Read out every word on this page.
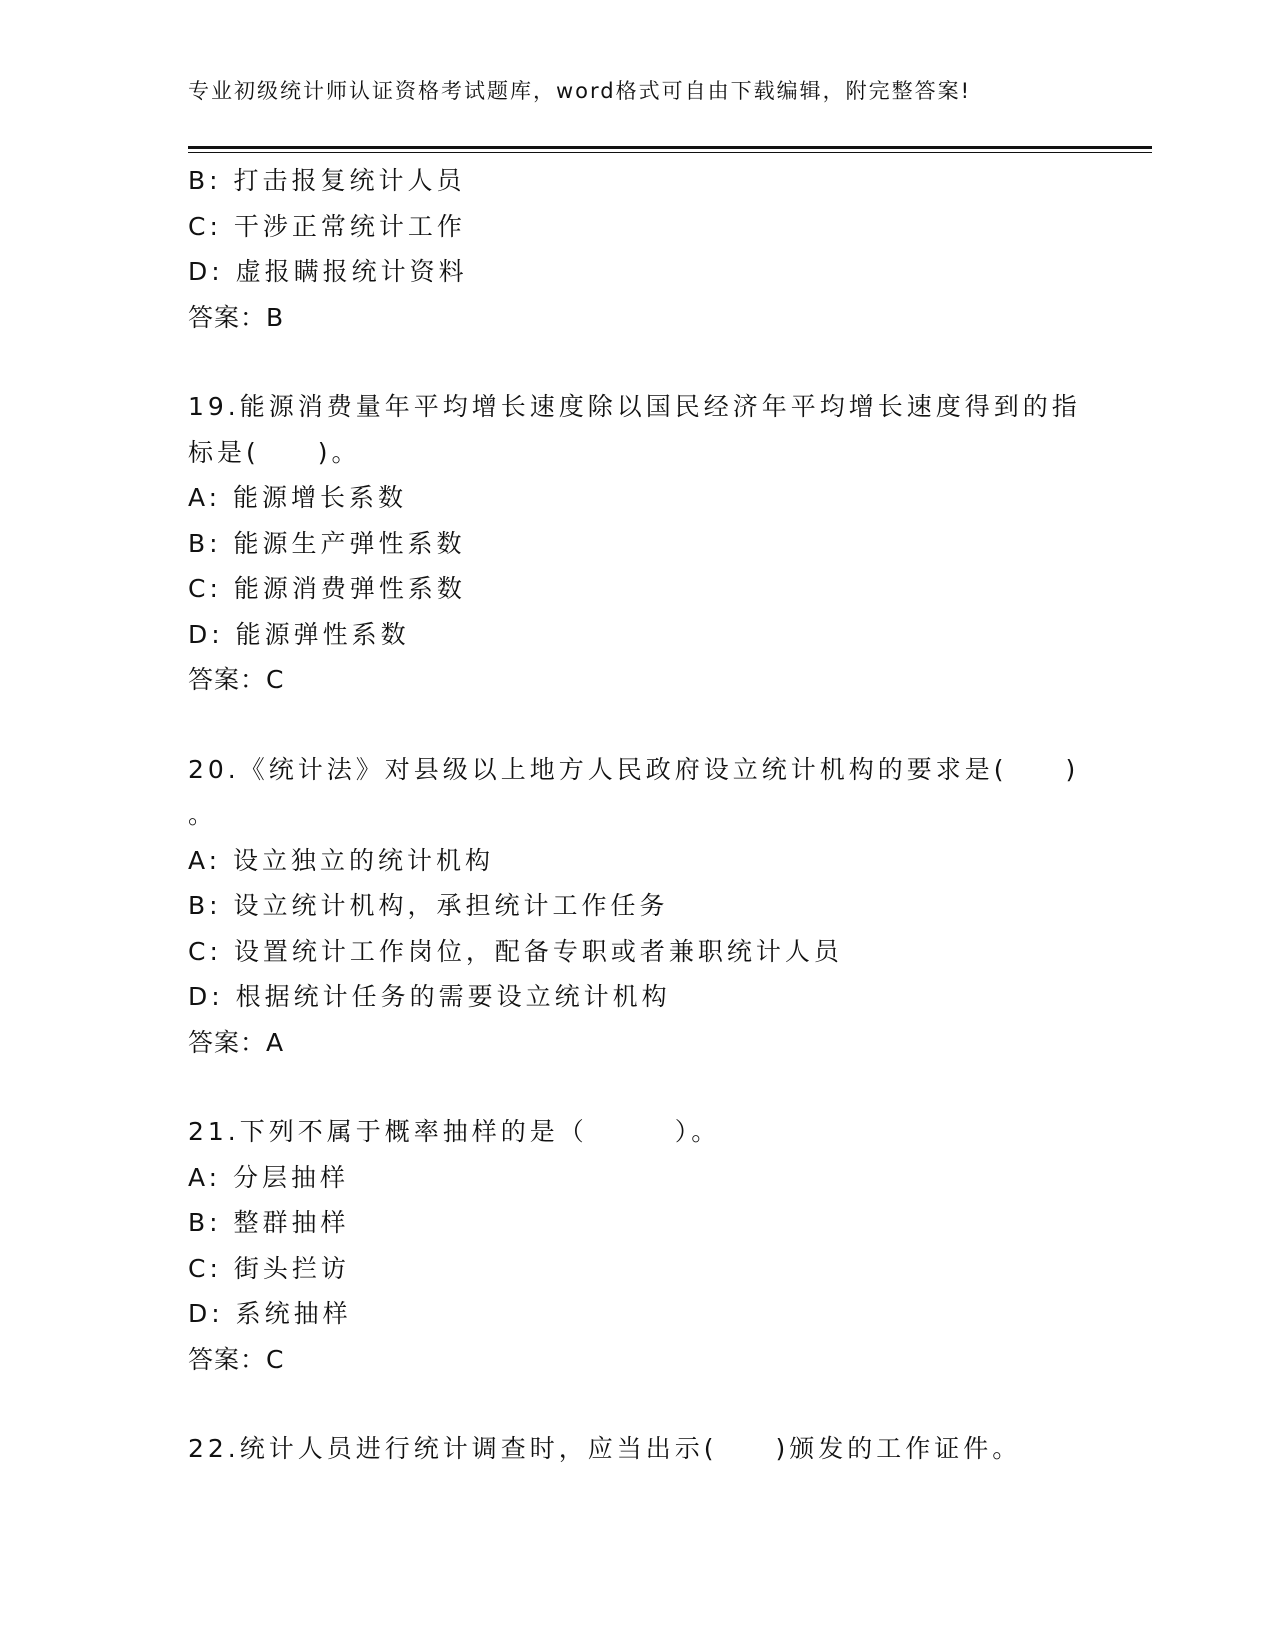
专业初级统计师认证资格考试题库，word格式可自由下载编辑，附完整答案!
B: 打击报复统计人员
C: 干涉正常统计工作
D: 虚报瞒报统计资料
答案：B
19.能源消费量年平均增长速度除以国民经济年平均增长速度得到的指
标是(　　)。
A: 能源增长系数
B: 能源生产弹性系数
C: 能源消费弹性系数
D: 能源弹性系数
答案：C
20.《统计法》对县级以上地方人民政府设立统计机构的要求是(　　)
。
A: 设立独立的统计机构
B: 设立统计机构，承担统计工作任务
C: 设置统计工作岗位，配备专职或者兼职统计人员
D: 根据统计任务的需要设立统计机构
答案：A
21.下列不属于概率抽样的是（　　　）。
A: 分层抽样
B: 整群抽样
C: 街头拦访
D: 系统抽样
答案：C
22.统计人员进行统计调查时，应当出示(　　)颁发的工作证件。
